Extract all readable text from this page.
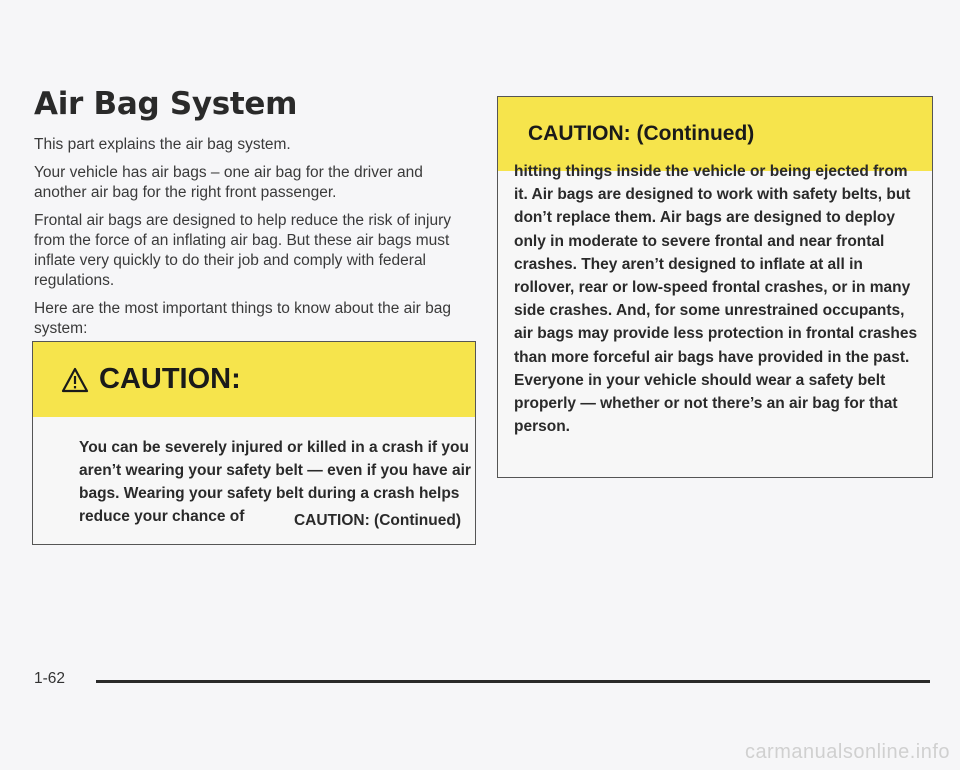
Air Bag System

This part explains the air bag system.

Your vehicle has air bags – one air bag for the driver and another air bag for the right front passenger.

Frontal air bags are designed to help reduce the risk of injury from the force of an inflating air bag. But these air bags must inflate very quickly to do their job and comply with federal regulations.

Here are the most important things to know about the air bag system:

CAUTION:
You can be severely injured or killed in a crash if you aren’t wearing your safety belt — even if you have air bags. Wearing your safety belt during a crash helps reduce your chance of	CAUTION: (Continued)
CAUTION: (Continued)
hitting things inside the vehicle or being ejected from it. Air bags are designed to work with safety belts, but don’t replace them. Air bags are designed to deploy only in moderate to severe frontal and near frontal crashes. They aren’t designed to inflate at all in rollover, rear or low-speed frontal crashes, or in many side crashes. And, for some unrestrained occupants, air bags may provide less protection in frontal crashes than more forceful air bags have provided in the past. Everyone in your vehicle should wear a safety belt properly — whether or not there’s an air bag for that person.
1-62
carmanualsonline.info
